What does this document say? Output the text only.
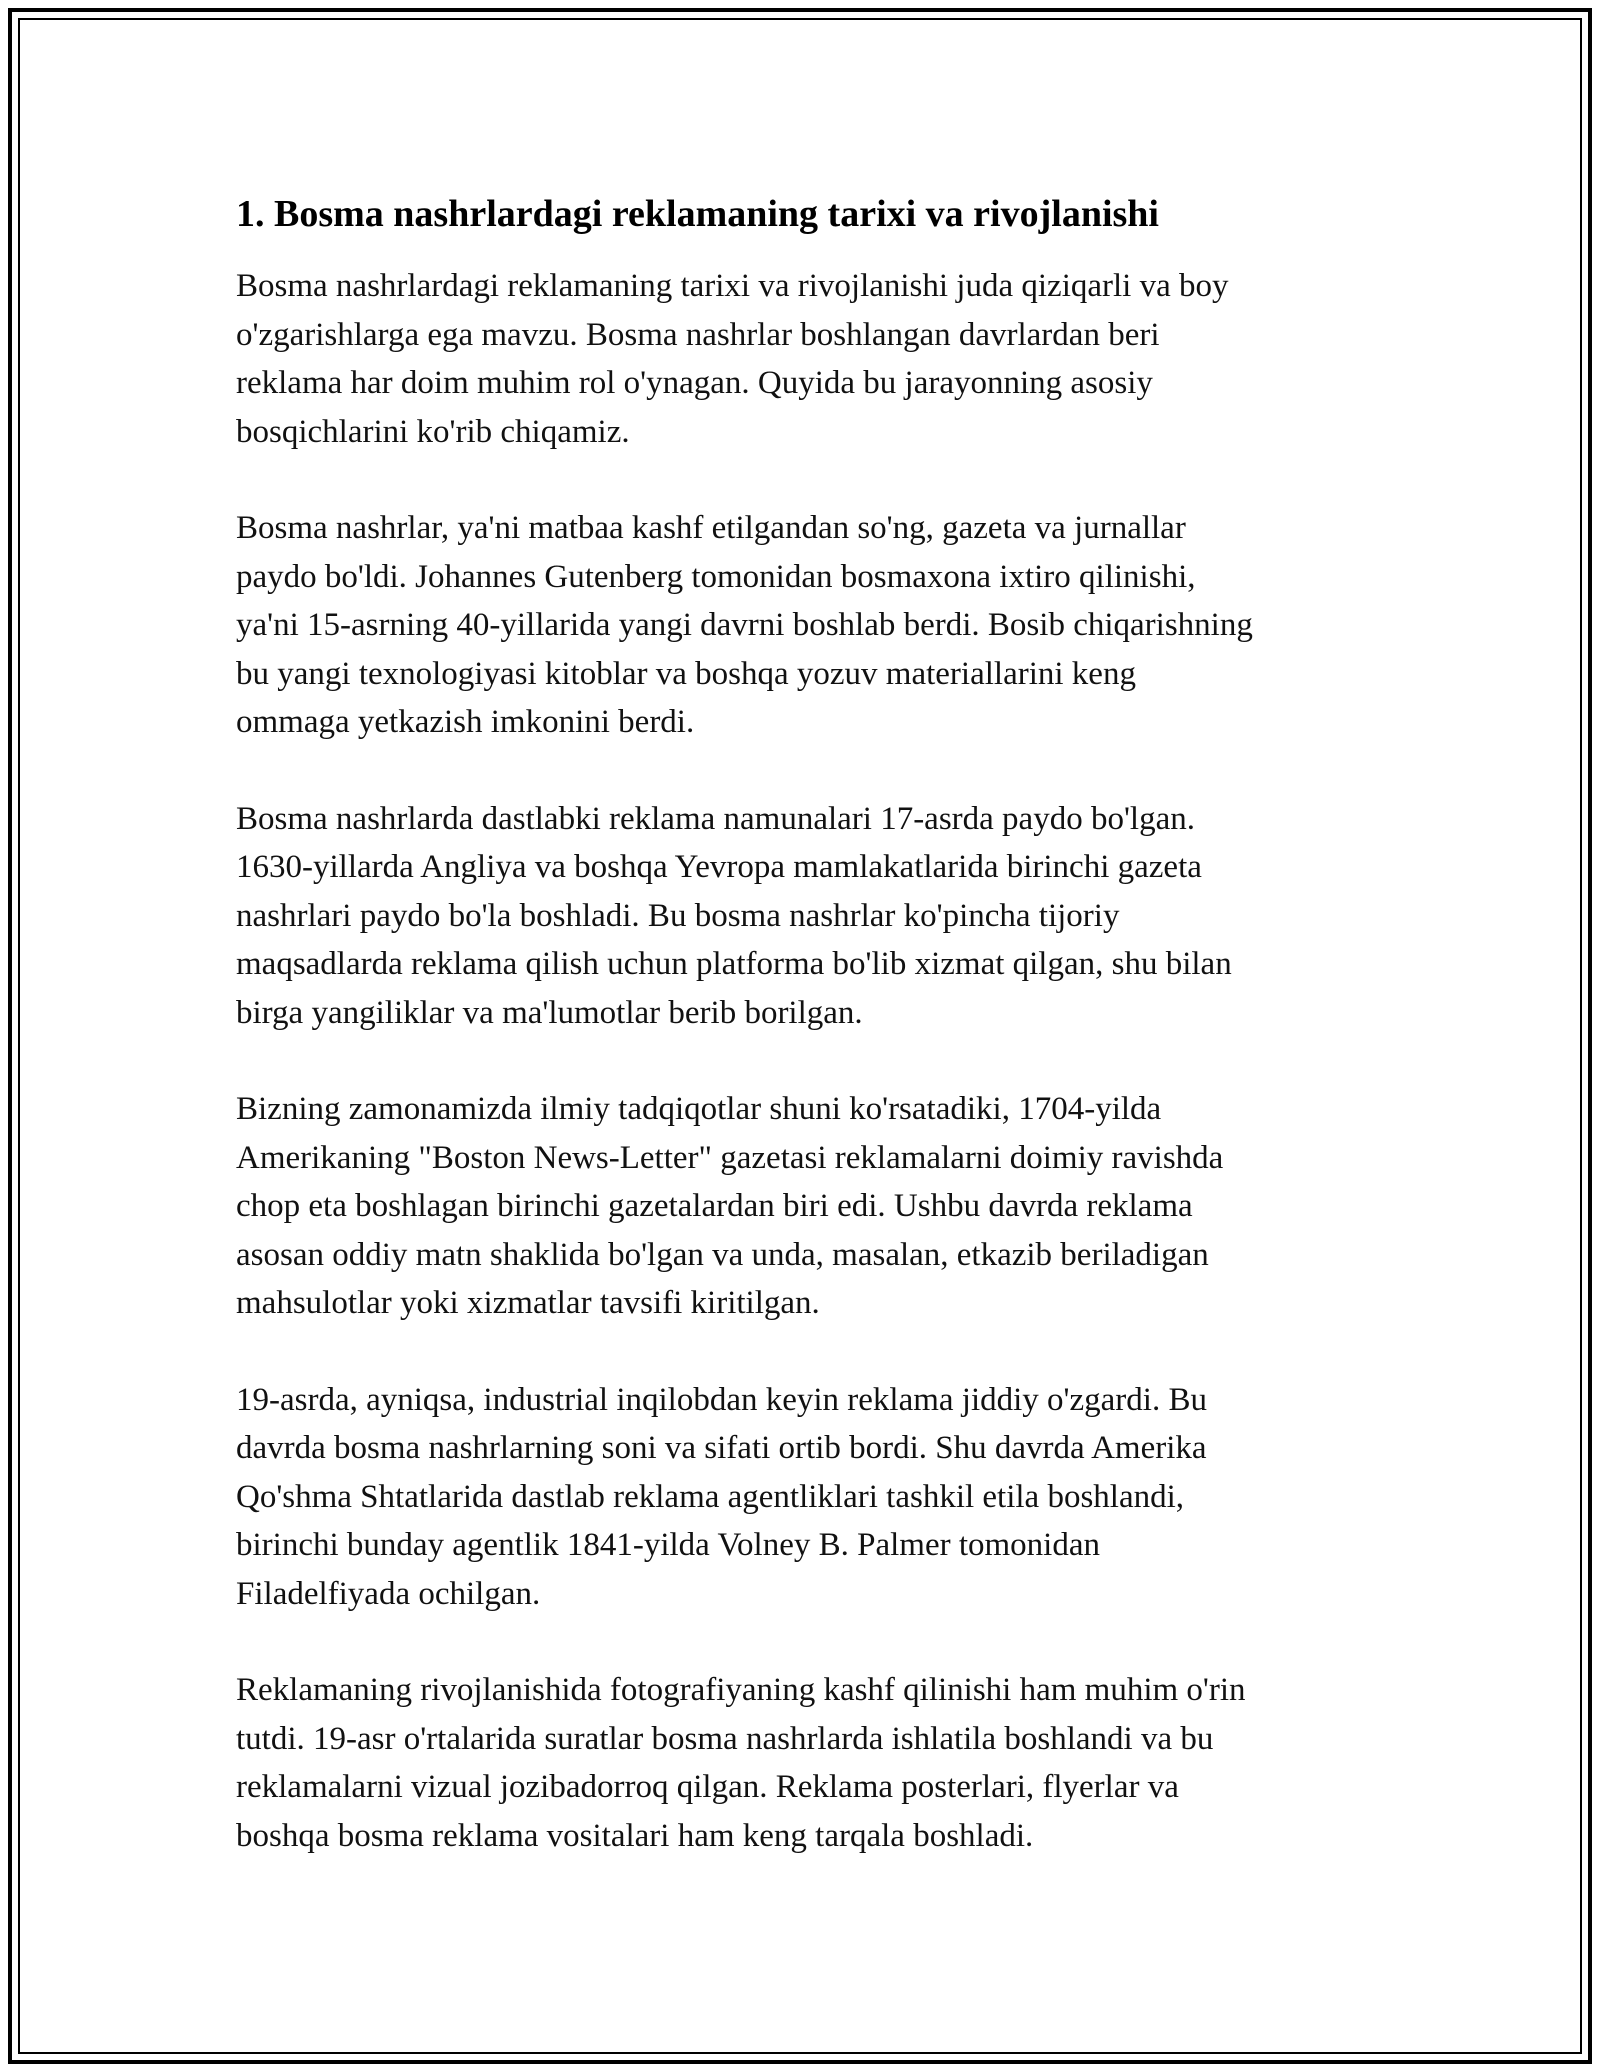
1. Bosma nashrlardagi reklamaning tarixi va rivojlanishi
Bosma nashrlardagi reklamaning tarixi va rivojlanishi juda qiziqarli va boy
o'zgarishlarga ega mavzu. Bosma nashrlar boshlangan davrlardan beri
reklama har doim muhim rol o'ynagan. Quyida bu jarayonning asosiy
bosqichlarini ko'rib chiqamiz.
Bosma nashrlar, ya'ni matbaa kashf etilgandan so'ng, gazeta va jurnallar
paydo bo'ldi. Johannes Gutenberg tomonidan bosmaxona ixtiro qilinishi,
ya'ni 15-asrning 40-yillarida yangi davrni boshlab berdi. Bosib chiqarishning
bu yangi texnologiyasi kitoblar va boshqa yozuv materiallarini keng
ommaga yetkazish imkonini berdi.
Bosma nashrlarda dastlabki reklama namunalari 17-asrda paydo bo'lgan.
1630-yillarda Angliya va boshqa Yevropa mamlakatlarida birinchi gazeta
nashrlari paydo bo'la boshladi. Bu bosma nashrlar ko'pincha tijoriy
maqsadlarda reklama qilish uchun platforma bo'lib xizmat qilgan, shu bilan
birga yangiliklar va ma'lumotlar berib borilgan.
Bizning zamonamizda ilmiy tadqiqotlar shuni ko'rsatadiki, 1704-yilda
Amerikaning "Boston News-Letter" gazetasi reklamalarni doimiy ravishda
chop eta boshlagan birinchi gazetalardan biri edi. Ushbu davrda reklama
asosan oddiy matn shaklida bo'lgan va unda, masalan, etkazib beriladigan
mahsulotlar yoki xizmatlar tavsifi kiritilgan.
19-asrda, ayniqsa, industrial inqilobdan keyin reklama jiddiy o'zgardi. Bu
davrda bosma nashrlarning soni va sifati ortib bordi. Shu davrda Amerika
Qo'shma Shtatlarida dastlab reklama agentliklari tashkil etila boshlandi,
birinchi bunday agentlik 1841-yilda Volney B. Palmer tomonidan
Filadelfiyada ochilgan.
Reklamaning rivojlanishida fotografiyaning kashf qilinishi ham muhim o'rin
tutdi. 19-asr o'rtalarida suratlar bosma nashrlarda ishlatila boshlandi va bu
reklamalarni vizual jozibadorroq qilgan. Reklama posterlari, flyerlar va
boshqa bosma reklama vositalari ham keng tarqala boshladi.
